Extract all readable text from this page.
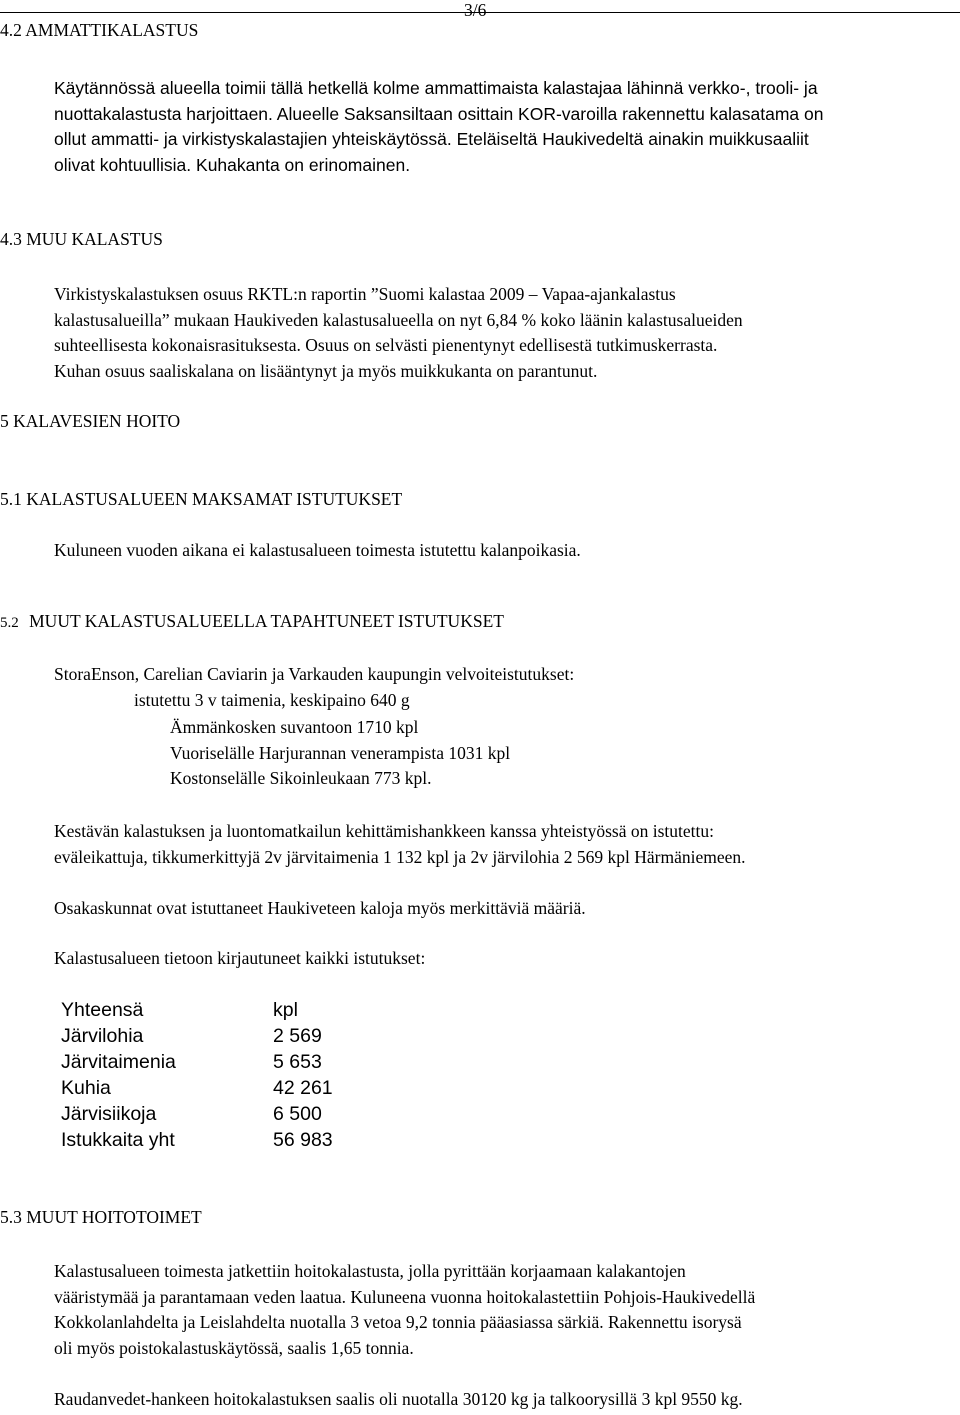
4.2 AMMATTIKALASTUS
3/6
Käytännössä alueella toimii tällä hetkellä kolme ammattimaista kalastajaa lähinnä verkko-, trooli- ja
nuottakalastusta harjoittaen. Alueelle Saksansiltaan osittain KOR-varoilla rakennettu kalasatama on
ollut ammatti- ja virkistyskalastajien yhteiskäytössä. Eteläiseltä Haukivedeltä ainakin muikkusaaliit
olivat kohtuullisia. Kuhakanta on erinomainen.
4.3 MUU KALASTUS
Virkistyskalastuksen osuus RKTL:n raportin ”Suomi kalastaa 2009 – Vapaa-ajankalastus
kalastusalueilla” mukaan Haukiveden kalastusalueella on nyt 6,84 % koko läänin kalastusalueiden
suhteellisesta kokonaisrasituksesta. Osuus on selvästi pienentynyt edellisestä tutkimuskerrasta.
Kuhan osuus saaliskalana on lisääntynyt ja myös muikkukanta on parantunut.
5 KALAVESIEN HOITO
5.1 KALASTUSALUEEN MAKSAMAT ISTUTUKSET
Kuluneen vuoden aikana ei kalastusalueen toimesta istutettu kalanpoikasia.
5.2 MUUT KALASTUSALUEELLA TAPAHTUNEET ISTUTUKSET
StoraEnson, Carelian Caviarin ja Varkauden kaupungin velvoiteistutukset:
istutettu 3 v taimenia, keskipaino 640 g
Ämmänkosken suvantoon 1710 kpl
Vuoriselälle Harjurannan venerampista 1031 kpl
Kostonselälle Sikoinleukaan 773 kpl.
Kestävän kalastuksen ja luontomatkailun kehittämishankkeen kanssa yhteistyössä on istutettu:
eväleikattuja, tikkumerkittyjä 2v järvitaimenia 1 132 kpl ja 2v järvilohia 2 569 kpl Härmäniemeen.
Osakaskunnat ovat istuttaneet Haukiveteen kaloja myös merkittäviä määriä.
Kalastusalueen tietoon kirjautuneet kaikki istutukset:
Yhteensä	kpl
Järvilohia	2 569
Järvitaimenia	5 653
Kuhia	42 261
Järvisiikoja	6 500
Istukkaita yht	56 983
5.3 MUUT HOITOTOIMET
Kalastusalueen toimesta jatkettiin hoitokalastusta, jolla pyrittään korjaamaan kalakantojen
vääristymää ja parantamaan veden laatua. Kuluneena vuonna hoitokalastettiin Pohjois-Haukivedellä
Kokkolanlahdelta ja Leislahdelta nuotalla 3 vetoa 9,2 tonnia pääasiassa särkiä. Rakennettu isorysä
oli myös poistokalastuskäytössä, saalis 1,65 tonnia.
Raudanvedet-hankeen hoitokalastuksen saalis oli nuotalla 30120 kg ja talkoorysillä 3 kpl 9550 kg.
